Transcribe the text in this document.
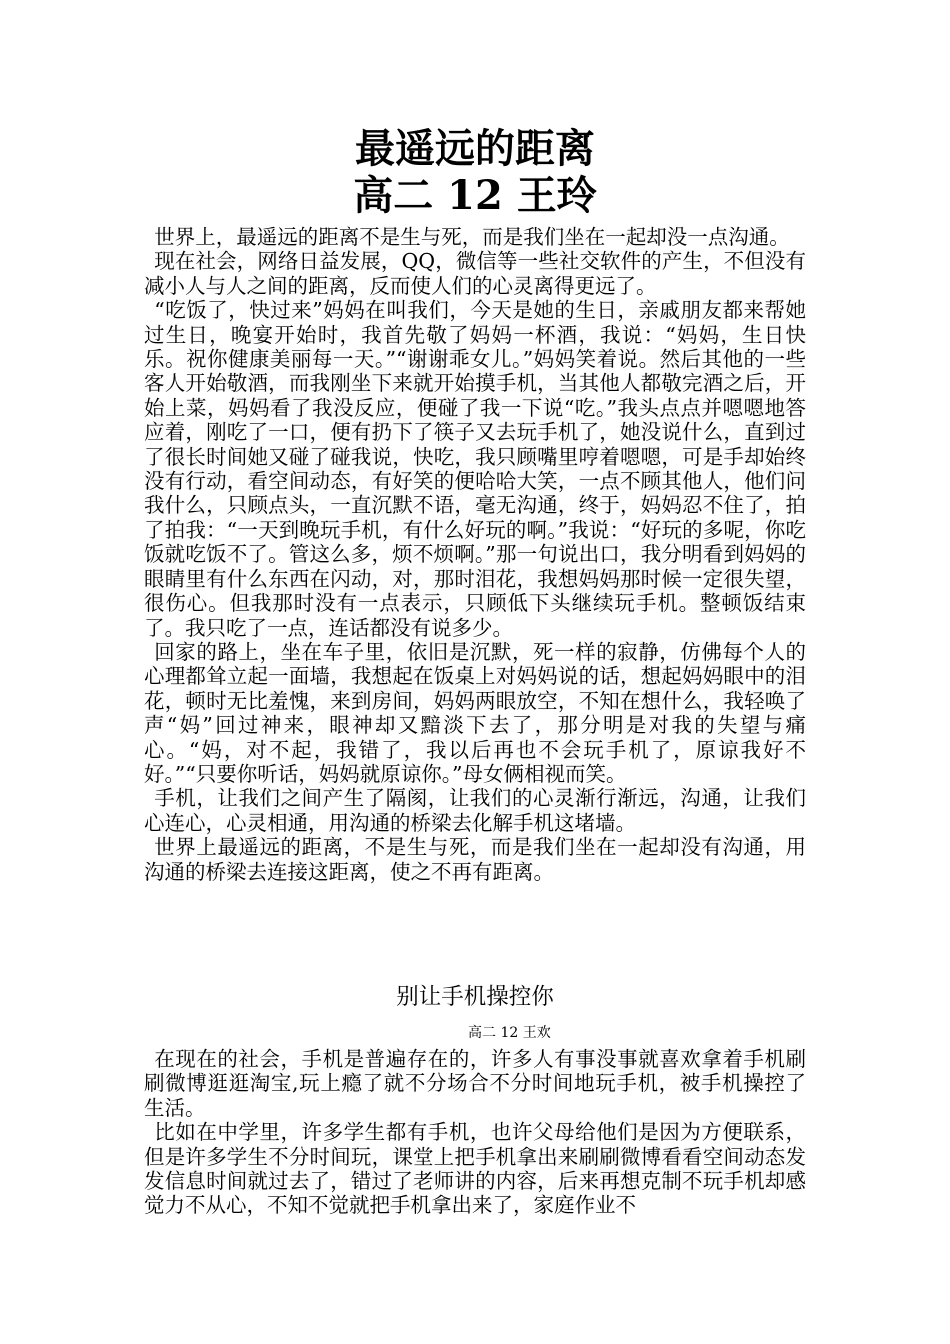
最遥远的距离
高二 12 王玲

世界上，最遥远的距离不是生与死，而是我们坐在一起却没一点沟通。

现在社会，网络日益发展，QQ，微信等一些社交软件的产生，不但没有减小人与人之间的距离，反而使人们的心灵离得更远了。

“吃饭了，快过来”妈妈在叫我们，今天是她的生日，亲戚朋友都来帮她过生日，晚宴开始时，我首先敬了妈妈一杯酒，我说：“妈妈，生日快乐。祝你健康美丽每一天。”“谢谢乖女儿。”妈妈笑着说。然后其他的一些客人开始敬酒，而我刚坐下来就开始摸手机，当其他人都敬完酒之后，开始上菜，妈妈看了我没反应，便碰了我一下说“吃。”我头点点并嗯嗯地答应着，刚吃了一口，便有扔下了筷子又去玩手机了，她没说什么，直到过了很长时间她又碰了碰我说，快吃，我只顾嘴里哼着嗯嗯，可是手却始终没有行动，看空间动态，有好笑的便哈哈大笑，一点不顾其他人，他们问我什么，只顾点头，一直沉默不语，毫无沟通，终于，妈妈忍不住了，拍了拍我：“一天到晚玩手机，有什么好玩的啊。”我说：“好玩的多呢，你吃饭就吃饭不了。管这么多，烦不烦啊。”那一句说出口，我分明看到妈妈的眼睛里有什么东西在闪动，对，那时泪花，我想妈妈那时候一定很失望，很伤心。但我那时没有一点表示，只顾低下头继续玩手机。整顿饭结束了。我只吃了一点，连话都没有说多少。

回家的路上，坐在车子里，依旧是沉默，死一样的寂静，仿佛每个人的心理都耸立起一面墙，我想起在饭桌上对妈妈说的话，想起妈妈眼中的泪花，顿时无比羞愧，来到房间，妈妈两眼放空，不知在想什么，我轻唤了声“妈”回过神来，眼神却又黯淡下去了，那分明是对我的失望与痛心。“妈，对不起，我错了，我以后再也不会玩手机了，原谅我好不好。”“只要你听话，妈妈就原谅你。”母女俩相视而笑。

手机，让我们之间产生了隔阂，让我们的心灵渐行渐远，沟通，让我们心连心，心灵相通，用沟通的桥梁去化解手机这堵墙。

世界上最遥远的距离，不是生与死，而是我们坐在一起却没有沟通，用沟通的桥梁去连接这距离，使之不再有距离。

别让手机操控你
高二 12 王欢

在现在的社会，手机是普遍存在的，许多人有事没事就喜欢拿着手机刷刷微博逛逛淘宝,玩上瘾了就不分场合不分时间地玩手机，被手机操控了生活。

比如在中学里，许多学生都有手机，也许父母给他们是因为方便联系，但是许多学生不分时间玩，课堂上把手机拿出来刷刷微博看看空间动态发发信息时间就过去了，错过了老师讲的内容，后来再想克制不玩手机却感觉力不从心，不知不觉就把手机拿出来了，家庭作业不
